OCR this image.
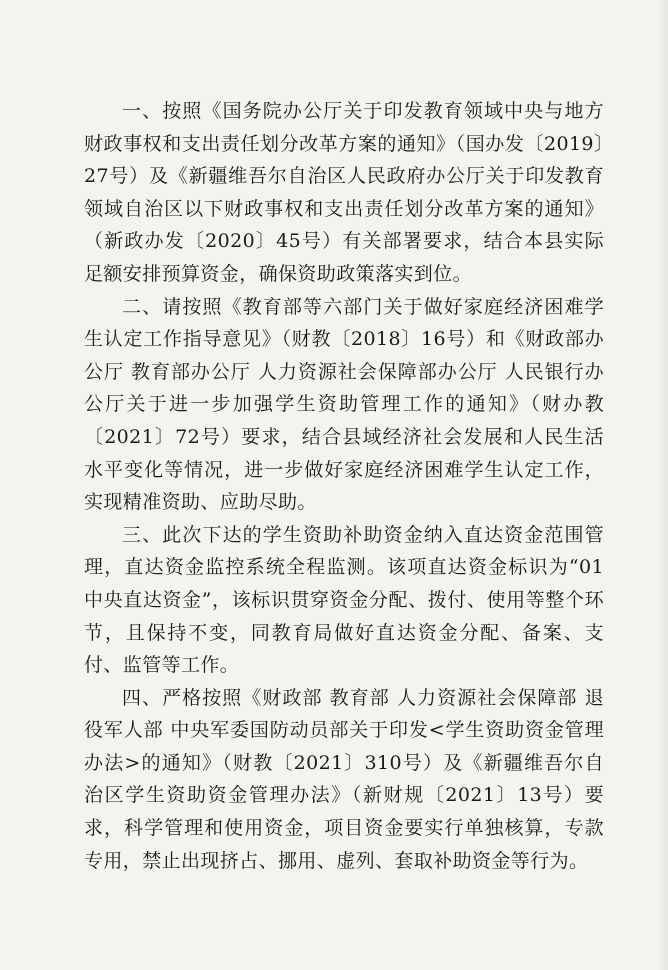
一、按照《国务院办公厅关于印发教育领域中央与地方财政事权和支出责任划分改革方案的通知》（国办发〔2019〕27号）及《新疆维吾尔自治区人民政府办公厅关于印发教育领域自治区以下财政事权和支出责任划分改革方案的通知》（新政办发〔2020〕45号）有关部署要求，结合本县实际足额安排预算资金，确保资助政策落实到位。

二、请按照《教育部等六部门关于做好家庭经济困难学生认定工作指导意见》（财教〔2018〕16号）和《财政部办公厅 教育部办公厅 人力资源社会保障部办公厅 人民银行办公厅关于进一步加强学生资助管理工作的通知》（财办教〔2021〕72号）要求，结合县域经济社会发展和人民生活水平变化等情况，进一步做好家庭经济困难学生认定工作，实现精准资助、应助尽助。

三、此次下达的学生资助补助资金纳入直达资金范围管理，直达资金监控系统全程监测。该项直达资金标识为“01中央直达资金”，该标识贯穿资金分配、拨付、使用等整个环节，且保持不变，同教育局做好直达资金分配、备案、支付、监管等工作。

四、严格按照《财政部 教育部 人力资源社会保障部 退役军人部 中央军委国防动员部关于印发<学生资助资金管理办法>的通知》（财教〔2021〕310号）及《新疆维吾尔自治区学生资助资金管理办法》（新财规〔2021〕13号）要求，科学管理和使用资金，项目资金要实行单独核算，专款专用，禁止出现挤占、挪用、虚列、套取补助资金等行为。
